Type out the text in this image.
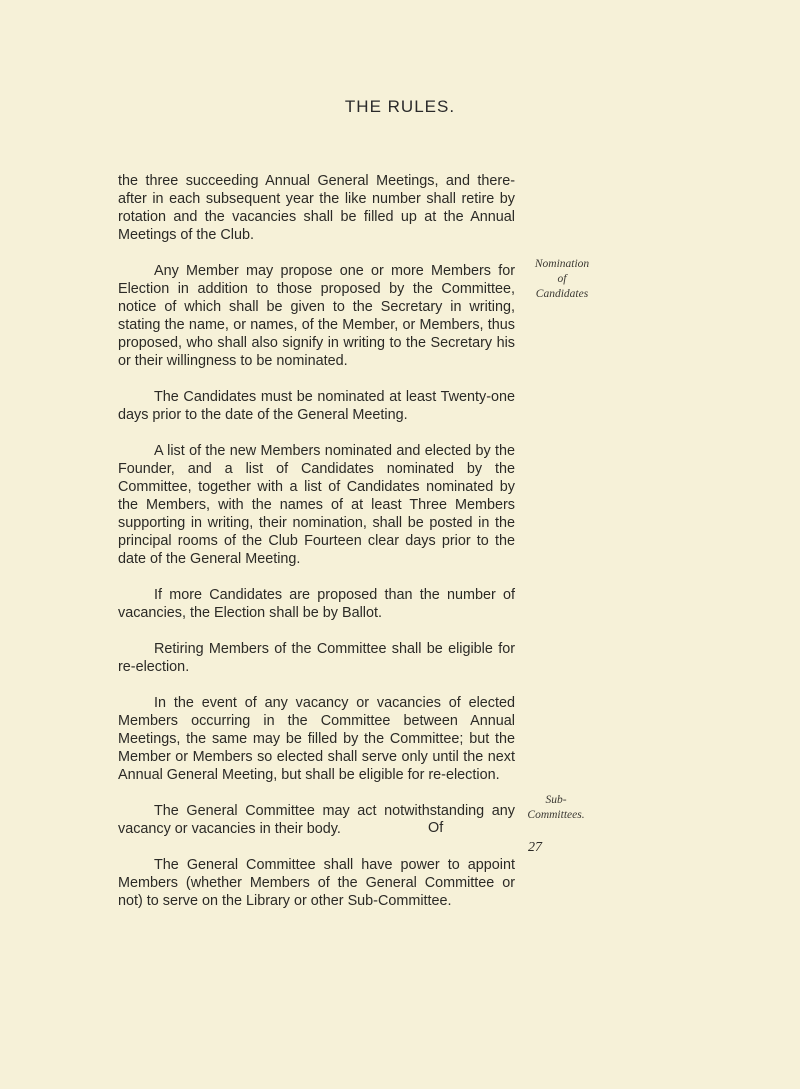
THE RULES.

the three succeeding Annual General Meetings, and there-after in each subsequent year the like number shall retire by rotation and the vacancies shall be filled up at the Annual Meetings of the Club.

Any Member may propose one or more Members for Election in addition to those proposed by the Committee, notice of which shall be given to the Secretary in writing, stating the name, or names, of the Member, or Members, thus proposed, who shall also signify in writing to the Secretary his or their willingness to be nominated.

The Candidates must be nominated at least Twenty-one days prior to the date of the General Meeting.

A list of the new Members nominated and elected by the Founder, and a list of Candidates nominated by the Committee, together with a list of Candidates nominated by the Members, with the names of at least Three Members supporting in writing, their nomination, shall be posted in the principal rooms of the Club Fourteen clear days prior to the date of the General Meeting.

If more Candidates are proposed than the number of vacancies, the Election shall be by Ballot.

Retiring Members of the Committee shall be eligible for re-election.

In the event of any vacancy or vacancies of elected Members occurring in the Committee between Annual Meetings, the same may be filled by the Committee; but the Member or Members so elected shall serve only until the next Annual General Meeting, but shall be eligible for re-election.

The General Committee may act notwithstanding any vacancy or vacancies in their body.

The General Committee shall have power to appoint Members (whether Members of the General Committee or not) to serve on the Library or other Sub-Committee.

Nomination
of
Candidates
Sub-
Committees.
Of
27
